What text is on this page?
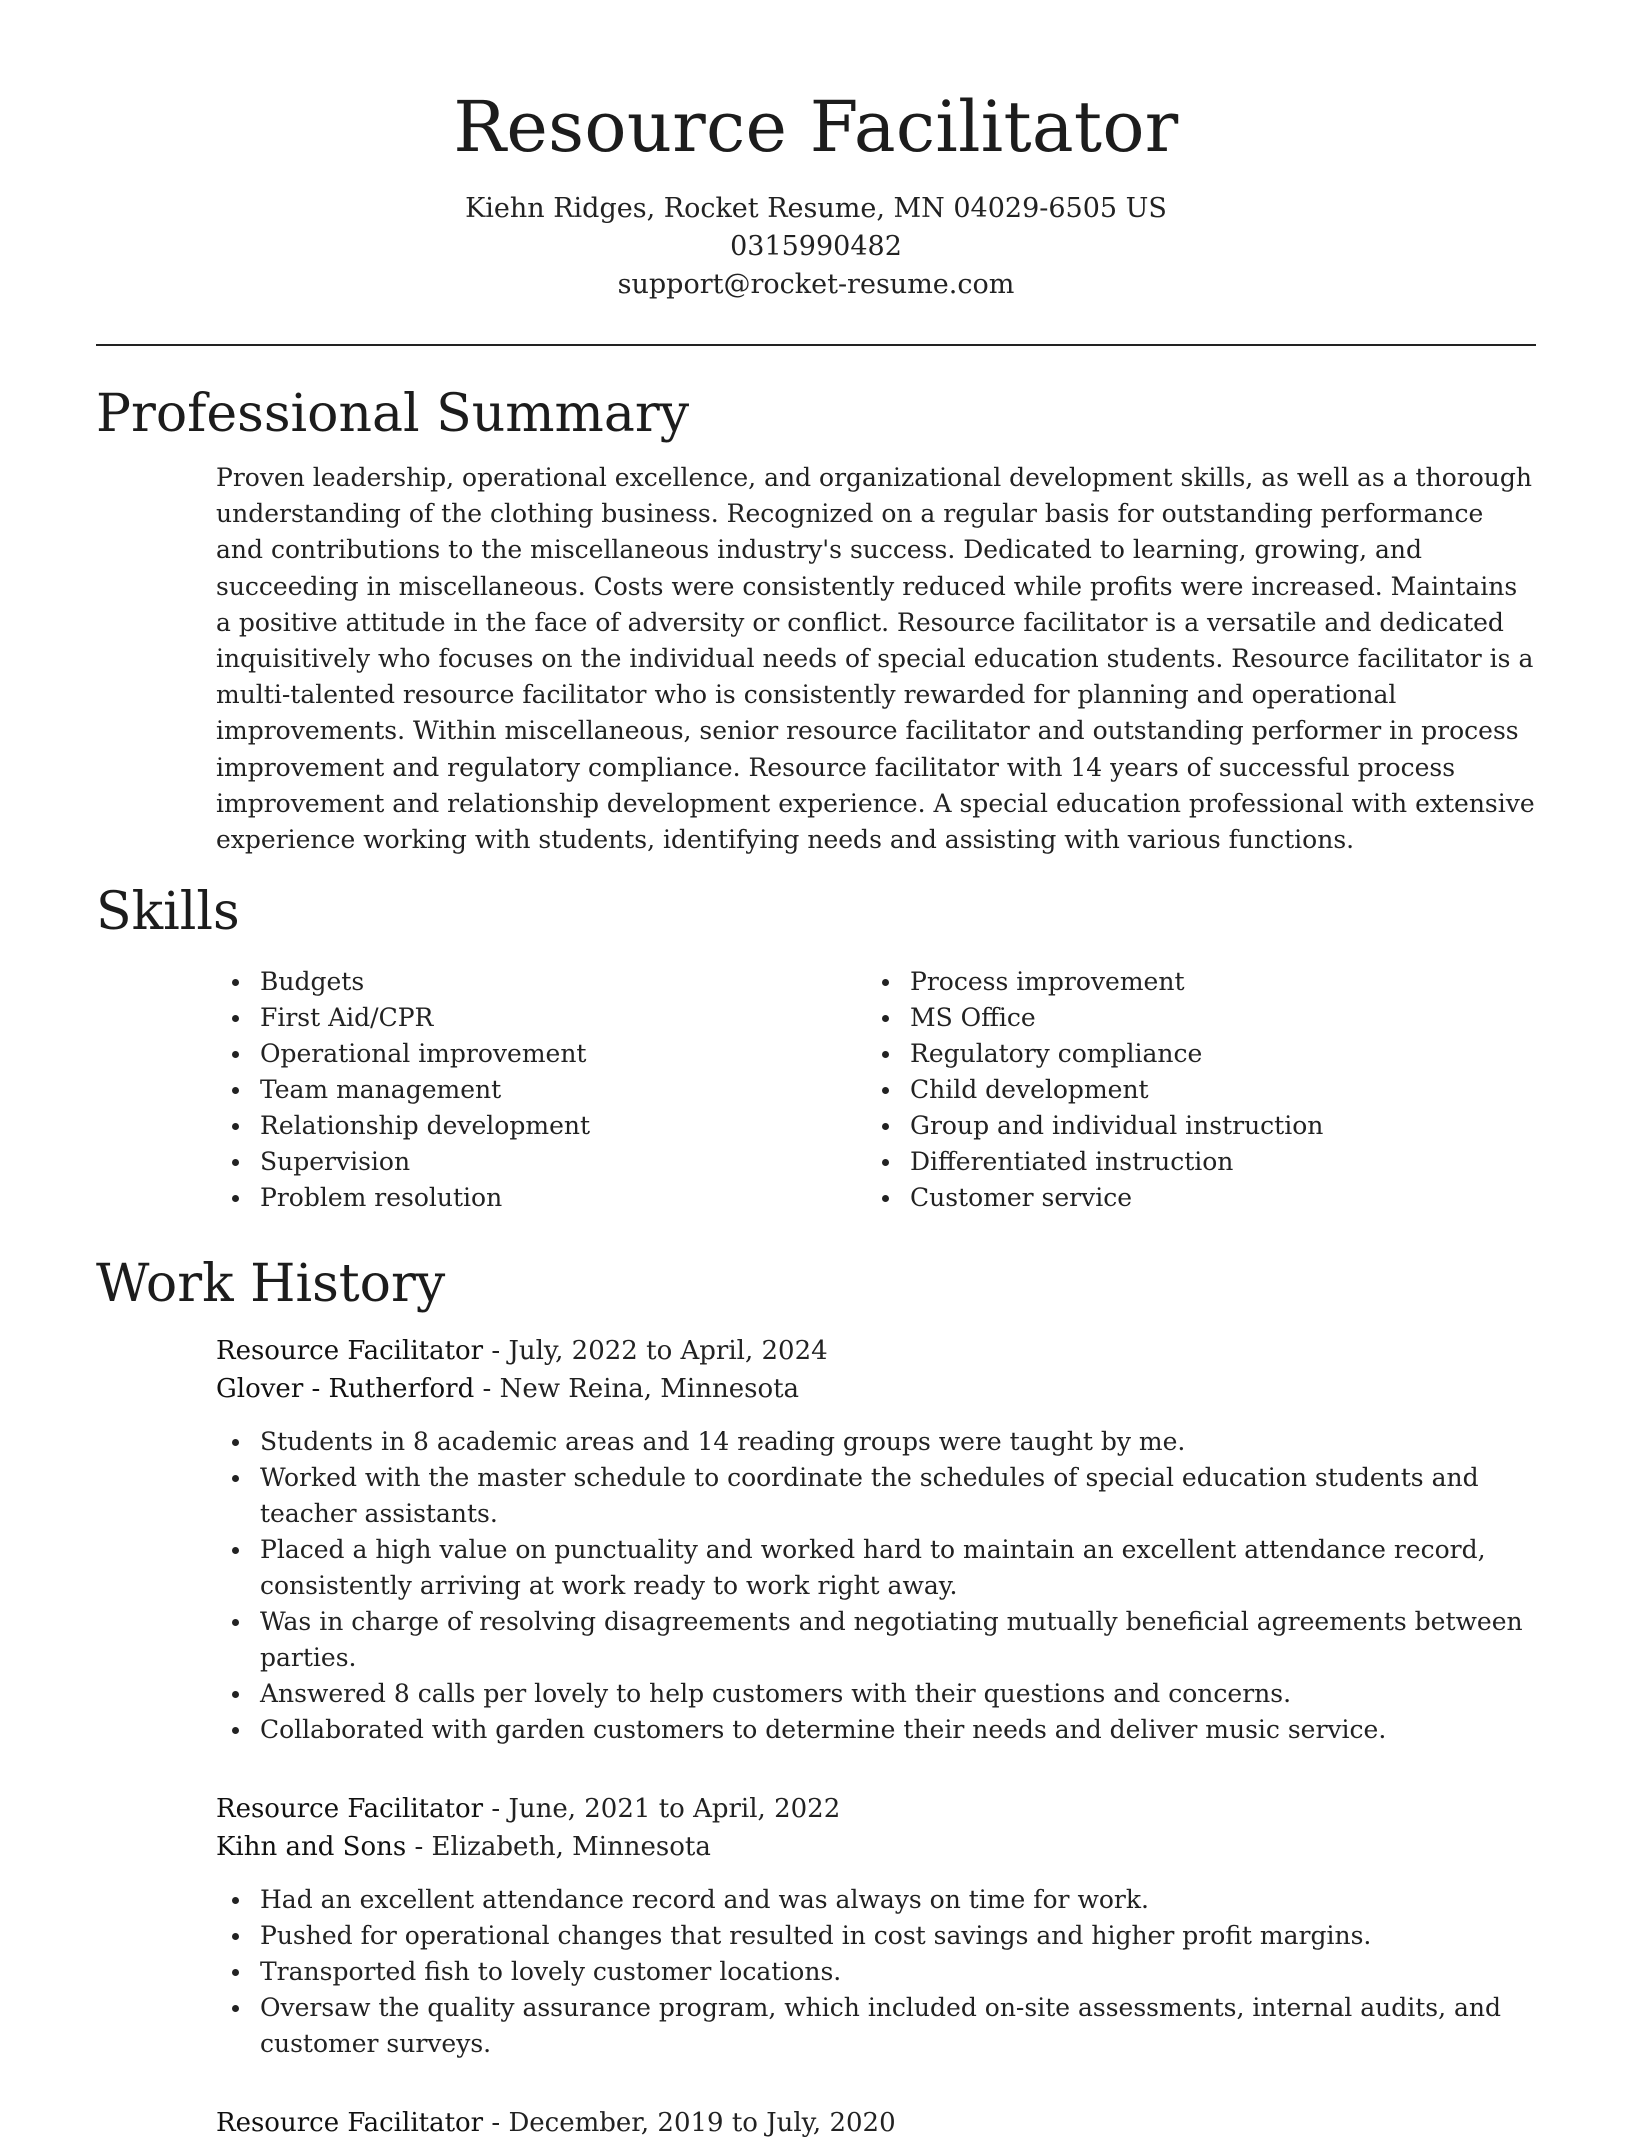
Resource Facilitator
Kiehn Ridges, Rocket Resume, MN 04029-6505 US
0315990482
support@rocket-resume.com
Professional Summary

Proven leadership, operational excellence, and organizational development skills, as well as a thorough understanding of the clothing business. Recognized on a regular basis for outstanding performance and contributions to the miscellaneous industry's success. Dedicated to learning, growing, and succeeding in miscellaneous. Costs were consistently reduced while profits were increased. Maintains a positive attitude in the face of adversity or conflict. Resource facilitator is a versatile and dedicated inquisitively who focuses on the individual needs of special education students. Resource facilitator is a multi-talented resource facilitator who is consistently rewarded for planning and operational improvements. Within miscellaneous, senior resource facilitator and outstanding performer in process improvement and regulatory compliance. Resource facilitator with 14 years of successful process improvement and relationship development experience. A special education professional with extensive experience working with students, identifying needs and assisting with various functions.

Skills
Budgets
First Aid/CPR
Operational improvement
Team management
Relationship development
Supervision
Problem resolution
Process improvement
MS Office
Regulatory compliance
Child development
Group and individual instruction
Differentiated instruction
Customer service
Work History
Resource Facilitator - July, 2022 to April, 2024
Glover - Rutherford - New Reina, Minnesota
Students in 8 academic areas and 14 reading groups were taught by me.
Worked with the master schedule to coordinate the schedules of special education students and teacher assistants.
Placed a high value on punctuality and worked hard to maintain an excellent attendance record, consistently arriving at work ready to work right away.
Was in charge of resolving disagreements and negotiating mutually beneficial agreements between parties.
Answered 8 calls per lovely to help customers with their questions and concerns.
Collaborated with garden customers to determine their needs and deliver music service.
Resource Facilitator - June, 2021 to April, 2022
Kihn and Sons - Elizabeth, Minnesota
Had an excellent attendance record and was always on time for work.
Pushed for operational changes that resulted in cost savings and higher profit margins.
Transported fish to lovely customer locations.
Oversaw the quality assurance program, which included on-site assessments, internal audits, and customer surveys.
Resource Facilitator - December, 2019 to July, 2020
